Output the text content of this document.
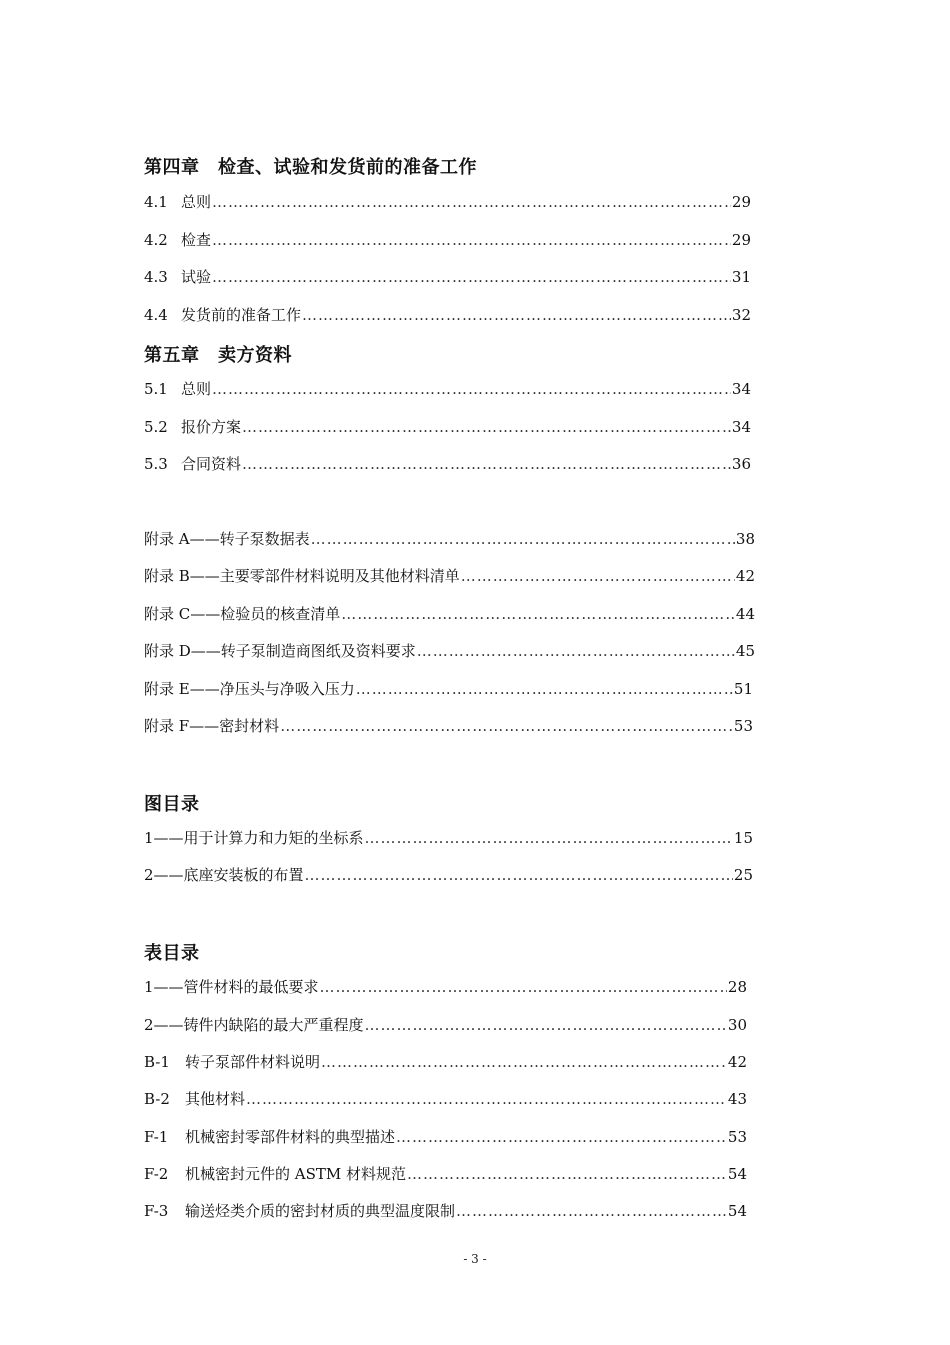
第四章　检查、试验和发货前的准备工作
4.1 总则 ……………………………………………………………………………………………………………………………………………………………………………………………………………………………	29
4.2 检查 ……………………………………………………………………………………………………………………………………………………………………………………………………………………………	29
4.3 试验 ……………………………………………………………………………………………………………………………………………………………………………………………………………………………	31
4.4 发货前的准备工作 ……………………………………………………………………………………………………………………………………………………………………………………………………………………………	32
第五章　卖方资料
5.1 总则 ……………………………………………………………………………………………………………………………………………………………………………………………………………………………	34
5.2 报价方案 ……………………………………………………………………………………………………………………………………………………………………………………………………………………………	34
5.3 合同资料 ……………………………………………………………………………………………………………………………………………………………………………………………………………………………	36
附录 A——转子泵数据表 ……………………………………………………………………………………………………………………………………………………………………………………………………………………………	38
附录 B——主要零部件材料说明及其他材料清单 ……………………………………………………………………………………………………………………………………………………………………………………………………………………………	42
附录 C——检验员的核查清单 ……………………………………………………………………………………………………………………………………………………………………………………………………………………………	44
附录 D——转子泵制造商图纸及资料要求 ……………………………………………………………………………………………………………………………………………………………………………………………………………………………	45
附录 E——净压头与净吸入压力 ……………………………………………………………………………………………………………………………………………………………………………………………………………………………	51
附录 F——密封材料 ……………………………………………………………………………………………………………………………………………………………………………………………………………………………	53
图目录
1——用于计算力和力矩的坐标系 ……………………………………………………………………………………………………………………………………………………………………………………………………………………………	15
2——底座安装板的布置 ……………………………………………………………………………………………………………………………………………………………………………………………………………………………	25
表目录
1——管件材料的最低要求 ……………………………………………………………………………………………………………………………………………………………………………………………………………………………	28
2——铸件内缺陷的最大严重程度 ……………………………………………………………………………………………………………………………………………………………………………………………………………………………	30
B-1 转子泵部件材料说明 ……………………………………………………………………………………………………………………………………………………………………………………………………………………………	42
B-2 其他材料 ……………………………………………………………………………………………………………………………………………………………………………………………………………………………	43
F-1 机械密封零部件材料的典型描述 ……………………………………………………………………………………………………………………………………………………………………………………………………………………………	53
F-2 机械密封元件的 ASTM 材料规范 ……………………………………………………………………………………………………………………………………………………………………………………………………………………………	54
F-3 输送烃类介质的密封材质的典型温度限制 ……………………………………………………………………………………………………………………………………………………………………………………………………………………………	54
- 3 -
